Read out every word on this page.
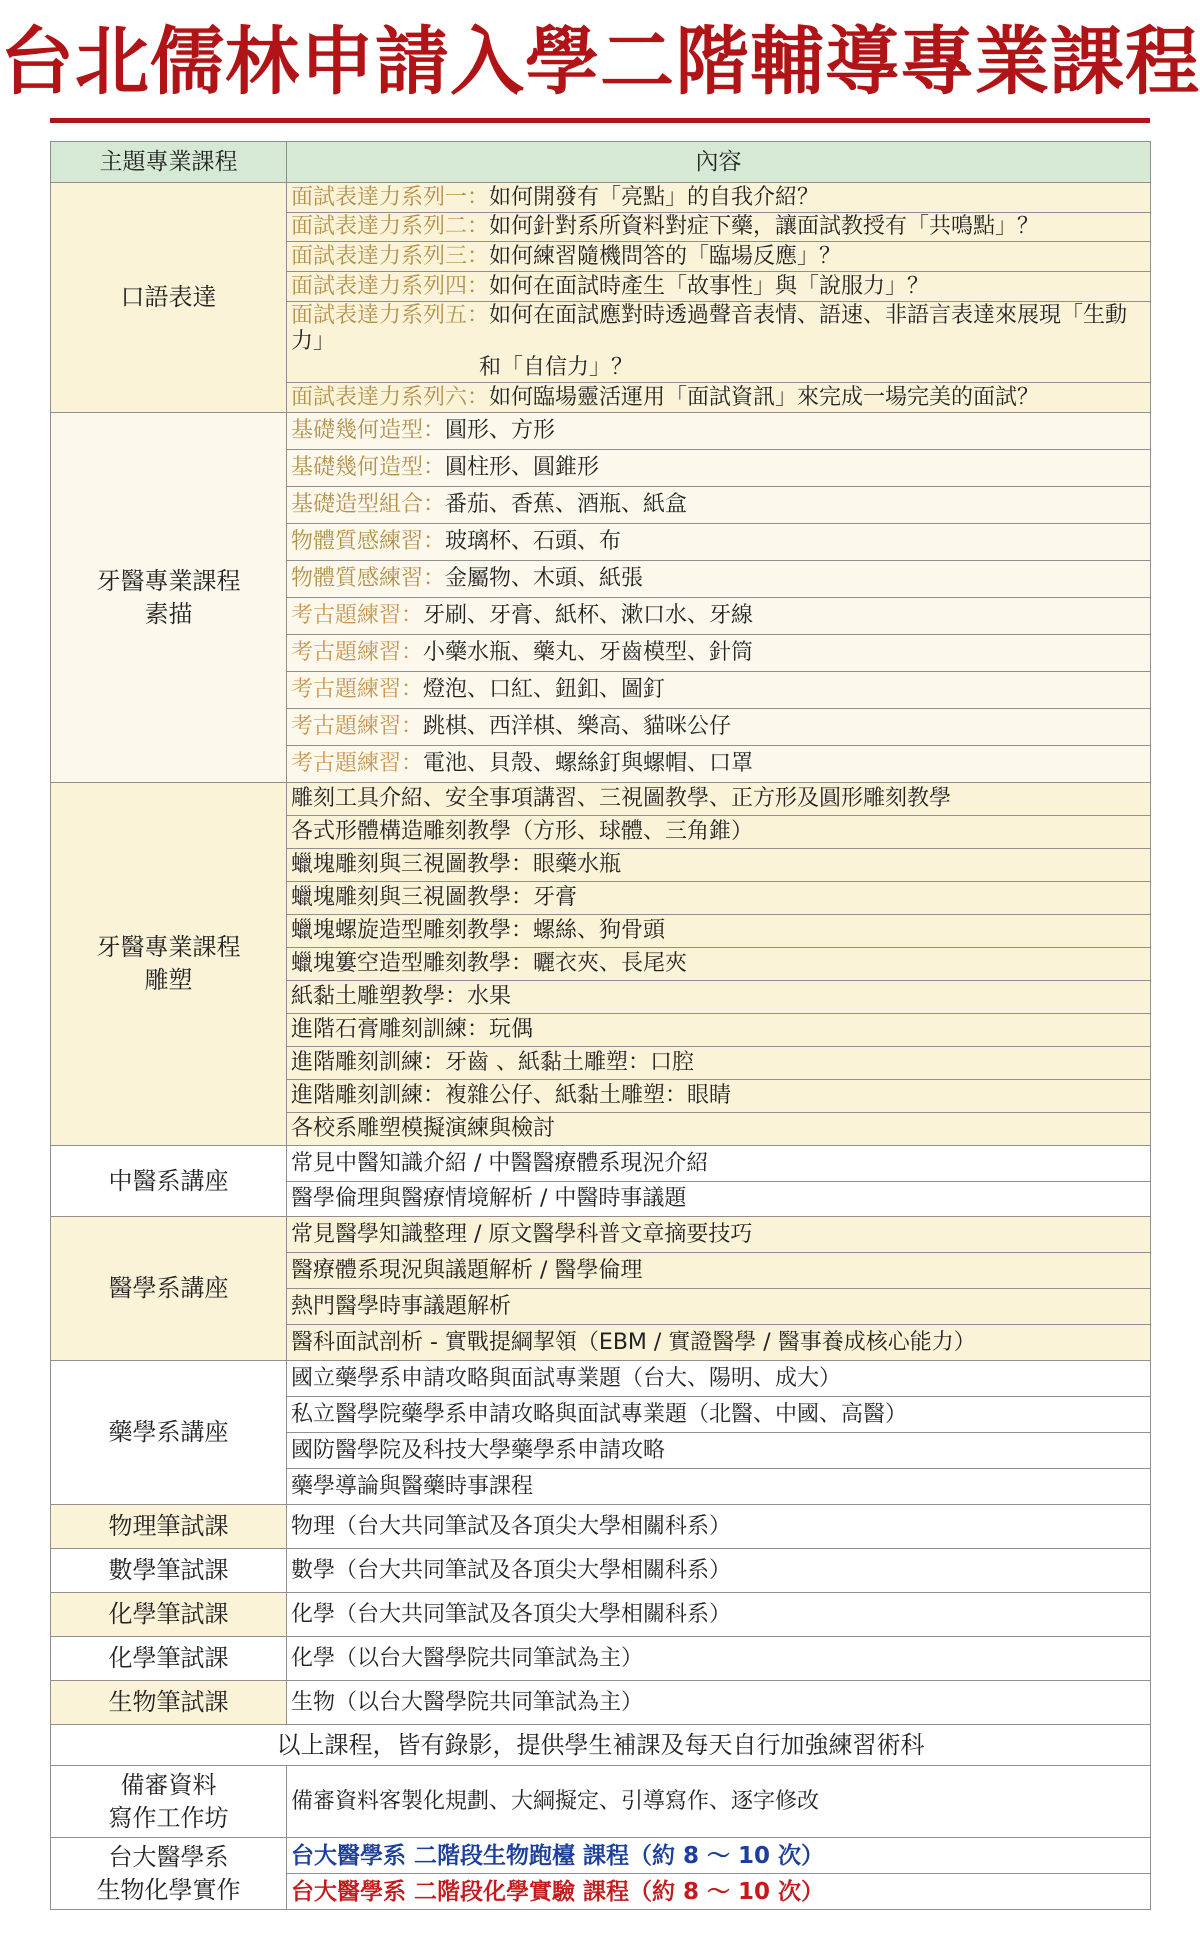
台北儒林申請入學二階輔導專業課程
主題專業課程	內容
口語表達	面試表達力系列一：如何開發有「亮點」的自我介紹？
	面試表達力系列二：如何針對系所資料對症下藥，讓面試教授有「共鳴點」？
	面試表達力系列三：如何練習隨機問答的「臨場反應」？
	面試表達力系列四：如何在面試時產生「故事性」與「說服力」？
	面試表達力系列五：如何在面試應對時透過聲音表情、語速、非語言表達來展現「生動力」
和「自信力」？
	面試表達力系列六：如何臨場靈活運用「面試資訊」來完成一場完美的面試？
牙醫專業課程
素描	基礎幾何造型：圓形、方形
	基礎幾何造型：圓柱形、圓錐形
	基礎造型組合：番茄、香蕉、酒瓶、紙盒
	物體質感練習：玻璃杯、石頭、布
	物體質感練習：金屬物、木頭、紙張
	考古題練習：牙刷、牙膏、紙杯、漱口水、牙線
	考古題練習：小藥水瓶、藥丸、牙齒模型、針筒
	考古題練習：燈泡、口紅、鈕釦、圖釘
	考古題練習：跳棋、西洋棋、樂高、貓咪公仔
	考古題練習：電池、貝殼、螺絲釘與螺帽、口罩
牙醫專業課程
雕塑	雕刻工具介紹、安全事項講習、三視圖教學、正方形及圓形雕刻教學
	各式形體構造雕刻教學（方形、球體、三角錐）
	蠟塊雕刻與三視圖教學：眼藥水瓶
	蠟塊雕刻與三視圖教學：牙膏
	蠟塊螺旋造型雕刻教學：螺絲、狗骨頭
	蠟塊簍空造型雕刻教學：曬衣夾、長尾夾
	紙黏土雕塑教學：水果
	進階石膏雕刻訓練：玩偶
	進階雕刻訓練：牙齒 、紙黏土雕塑：口腔
	進階雕刻訓練：複雜公仔、紙黏土雕塑：眼睛
	各校系雕塑模擬演練與檢討
中醫系講座	常見中醫知識介紹 / 中醫醫療體系現況介紹
	醫學倫理與醫療情境解析 / 中醫時事議題
醫學系講座	常見醫學知識整理 / 原文醫學科普文章摘要技巧
	醫療體系現況與議題解析 / 醫學倫理
	熱門醫學時事議題解析
	醫科面試剖析 - 實戰提綱挈領（EBM / 實證醫學 / 醫事養成核心能力）
藥學系講座	國立藥學系申請攻略與面試專業題（台大、陽明、成大）
	私立醫學院藥學系申請攻略與面試專業題（北醫、中國、高醫）
	國防醫學院及科技大學藥學系申請攻略
	藥學導論與醫藥時事課程
物理筆試課	物理（台大共同筆試及各頂尖大學相關科系）
數學筆試課	數學（台大共同筆試及各頂尖大學相關科系）
化學筆試課	化學（台大共同筆試及各頂尖大學相關科系）
化學筆試課	化學（以台大醫學院共同筆試為主）
生物筆試課	生物（以台大醫學院共同筆試為主）
以上課程，皆有錄影，提供學生補課及每天自行加強練習術科	
備審資料
寫作工作坊	備審資料客製化規劃、大綱擬定、引導寫作、逐字修改
台大醫學系
生物化學實作	台大醫學系 二階段生物跑檯 課程（約 8 ～ 10 次）
	台大醫學系 二階段化學實驗 課程（約 8 ～ 10 次）
